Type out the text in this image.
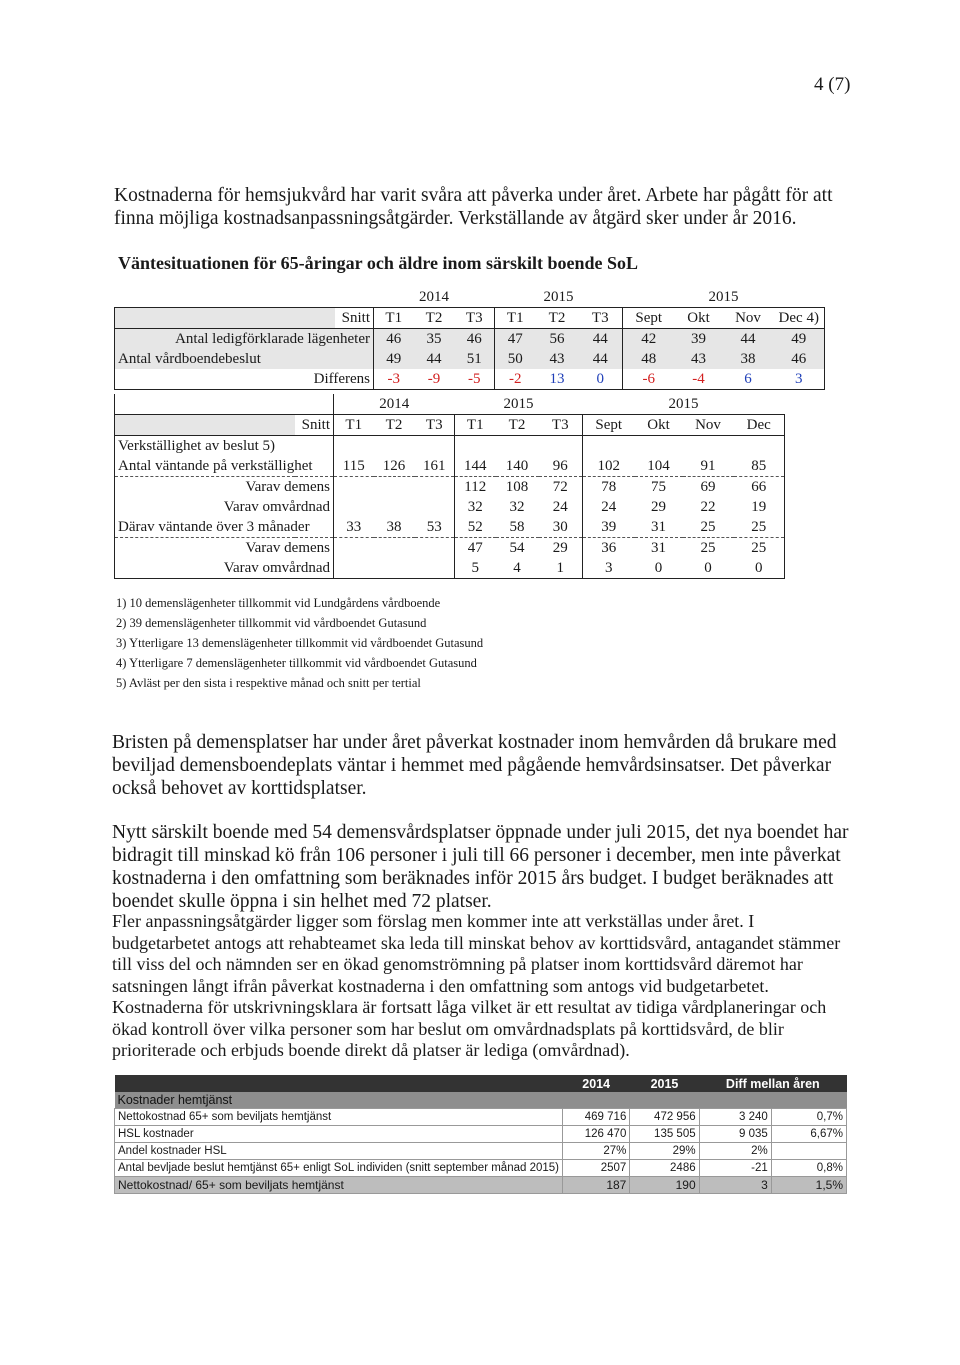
4 (7)
Kostnaderna för hemsjukvård har varit svåra att påverka under året. Arbete har pågått för att
finna möjliga kostnadsanpassningsåtgärder. Verkställande av åtgärd sker under år 2016.
Väntesituationen för 65-åringar och äldre inom särskilt boende SoL
		2014			2015			2015			
	Snitt	T1	T2	T3	T1	T2	T3	Sept	Okt	Nov	Dec 4)
Antal ledigförklarade lägenheter		46	35	46	47	56	44	42	39	44	49
Antal vårdboendebeslut		49	44	51	50	43	44	48	43	38	46
Differens		-3	-9	-5	-2	13	0	-6	-4	6	3
		2014			2015			2015			
	Snitt	T1	T2	T3	T1	T2	T3	Sept	Okt	Nov	Dec
Verkställighet av beslut 5)											
Antal väntande på verkställighet		115	126	161	144	140	96	102	104	91	85
Varav demens					112	108	72	78	75	69	66
Varav omvårdnad					32	32	24	24	29	22	19
Därav väntande över 3 månader		33	38	53	52	58	30	39	31	25	25
Varav demens					47	54	29	36	31	25	25
Varav omvårdnad					5	4	1	3	0	0	0
1) 10 demenslägenheter tillkommit vid Lundgårdens vårdboende
2) 39 demenslägenheter tillkommit vid vårdboendet Gutasund
3) Ytterligare 13 demenslägenheter tillkommit vid vårdboendet Gutasund
4) Ytterligare 7 demenslägenheter tillkommit vid vårdboendet Gutasund
5) Avläst per den sista i respektive månad och snitt per tertial
Bristen på demensplatser har under året påverkat kostnader inom hemvården då brukare med
beviljad demensboendeplats väntar i hemmet med pågående hemvårdsinsatser. Det påverkar
också behovet av korttidsplatser.
Nytt särskilt boende med 54 demensvårdsplatser öppnade under juli 2015, det nya boendet har
bidragit till minskad kö från 106 personer i juli till 66 personer i december, men inte påverkat
kostnaderna i den omfattning som beräknades inför 2015 års budget. I budget beräknades att
boendet skulle öppna i sin helhet med 72 platser.
Fler anpassningsåtgärder ligger som förslag men kommer inte att verkställas under året. I
budgetarbetet antogs att rehabteamet ska leda till minskat behov av korttidsvård, antagandet stämmer
till viss del och nämnden ser en ökad genomströmning på platser inom korttidsvård däremot har
satsningen långt ifrån påverkat kostnaderna i den omfattning som antogs vid budgetarbetet.
Kostnaderna för utskrivningsklara är fortsatt låga vilket är ett resultat av tidiga vårdplaneringar och
ökad kontroll över vilka personer som har beslut om omvårdnadsplats på korttidsvård, de blir
prioriterade och erbjuds boende direkt då platser är lediga (omvårdnad).
	2014	2015	Diff mellan åren	
Kostnader hemtjänst				
Nettokostnad 65+ som beviljats hemtjänst	469 716	472 956	3 240	0,7%
HSL kostnader	126 470	135 505	9 035	6,67%
Andel kostnader HSL	27%	29%	2%	
Antal bevljade beslut hemtjänst 65+ enligt SoL individen (snitt september månad 2015)	2507	2486	-21	0,8%
Nettokostnad/ 65+ som beviljats hemtjänst	187	190	3	1,5%
